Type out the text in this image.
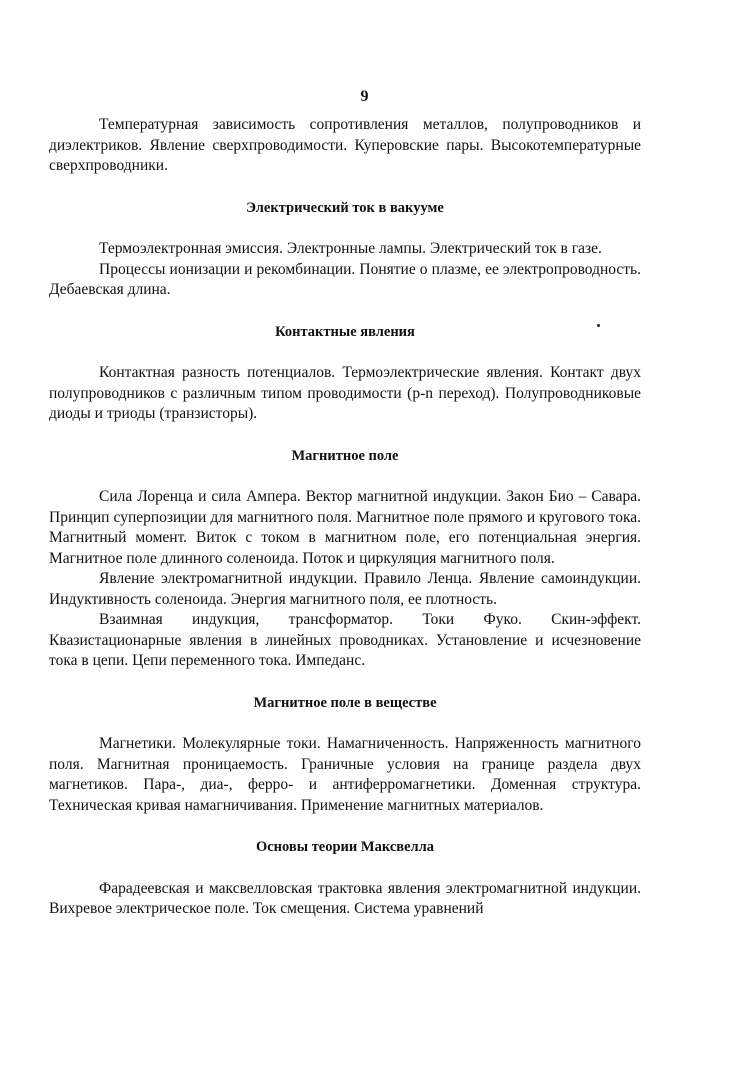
9

Температурная зависимость сопротивления металлов, полупроводников и диэлектриков. Явление сверхпроводимости. Куперовские пары. Высокотемпературные сверхпроводники.

Электрический ток в вакууме

Термоэлектронная эмиссия. Электронные лампы. Электрический ток в газе.

Процессы ионизации и рекомбинации. Понятие о плазме, ее электропроводность. Дебаевская длина.

Контактные явления

Контактная разность потенциалов. Термоэлектрические явления. Контакт двух полупроводников с различным типом проводимости (p-n переход). Полупроводниковые диоды и триоды (транзисторы).

Магнитное поле

Сила Лоренца и сила Ампера. Вектор магнитной индукции. Закон Био – Савара. Принцип суперпозиции для магнитного поля. Магнитное поле прямого и кругового тока. Магнитный момент. Виток с током в магнитном поле, его потенциальная энергия. Магнитное поле длинного соленоида. Поток и циркуляция магнитного поля.

Явление электромагнитной индукции. Правило Ленца. Явление самоиндукции. Индуктивность соленоида. Энергия магнитного поля, ее плотность.

Взаимная индукция, трансформатор. Токи Фуко. Скин-эффект. Квазистационарные явления в линейных проводниках. Установление и исчезновение тока в цепи. Цепи переменного тока. Импеданс.

Магнитное поле в веществе

Магнетики. Молекулярные токи. Намагниченность. Напряженность магнитного поля. Магнитная проницаемость. Граничные условия на границе раздела двух магнетиков. Пара-, диа-, ферро- и антиферромагнетики. Доменная структура. Техническая кривая намагничивания. Применение магнитных материалов.

Основы теории Максвелла

Фарадеевская и максвелловская трактовка явления электромагнитной индукции. Вихревое электрическое поле. Ток смещения. Система уравнений
